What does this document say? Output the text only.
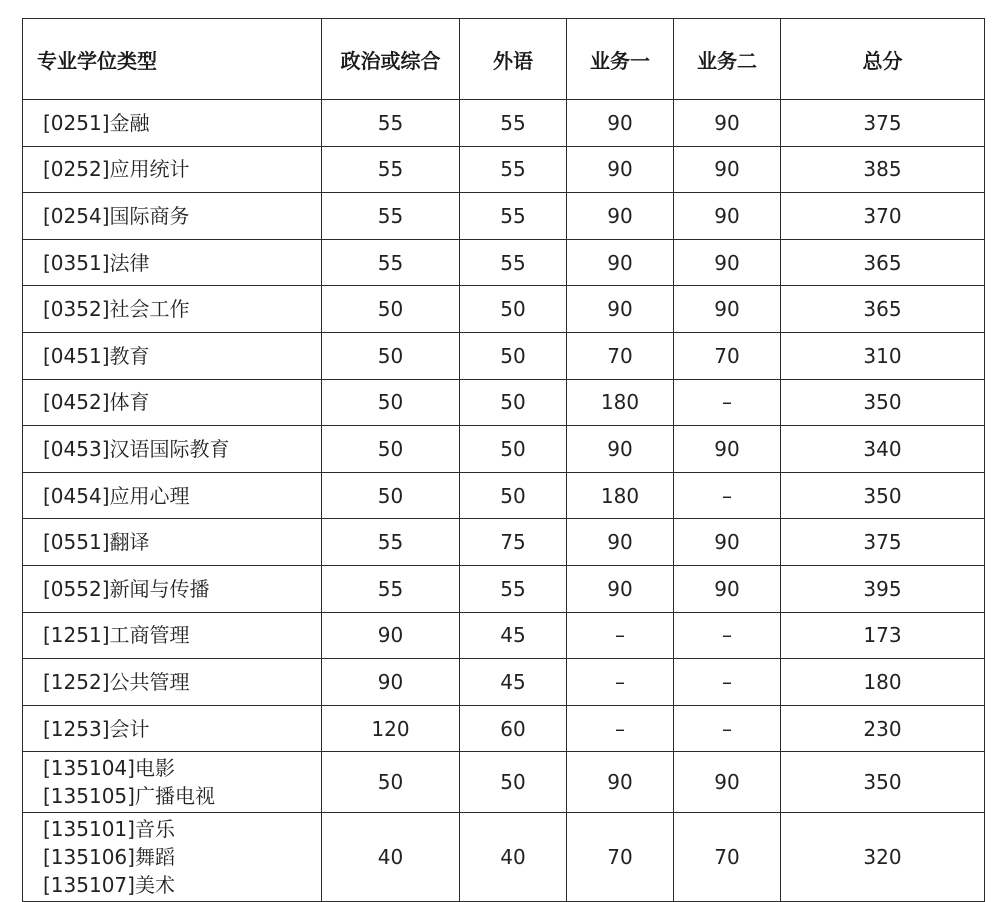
专业学位类型	政治或综合	外语	业务一	业务二	总分

[0251]金融	55	55	90	90	375

[0252]应用统计	55	55	90	90	385

[0254]国际商务	55	55	90	90	370

[0351]法律	55	55	90	90	365

[0352]社会工作	50	50	90	90	365

[0451]教育	50	50	70	70	310

[0452]体育	50	50	180	–	350

[0453]汉语国际教育	50	50	90	90	340

[0454]应用心理	50	50	180	–	350

[0551]翻译	55	75	90	90	375

[0552]新闻与传播	55	55	90	90	395

[1251]工商管理	90	45	–	–	173

[1252]公共管理	90	45	–	–	180

[1253]会计	120	60	–	–	230

[135104]电影
[135105]广播电视	50	50	90	90	350

[135101]音乐
[135106]舞蹈
[135107]美术	40	40	70	70	320
